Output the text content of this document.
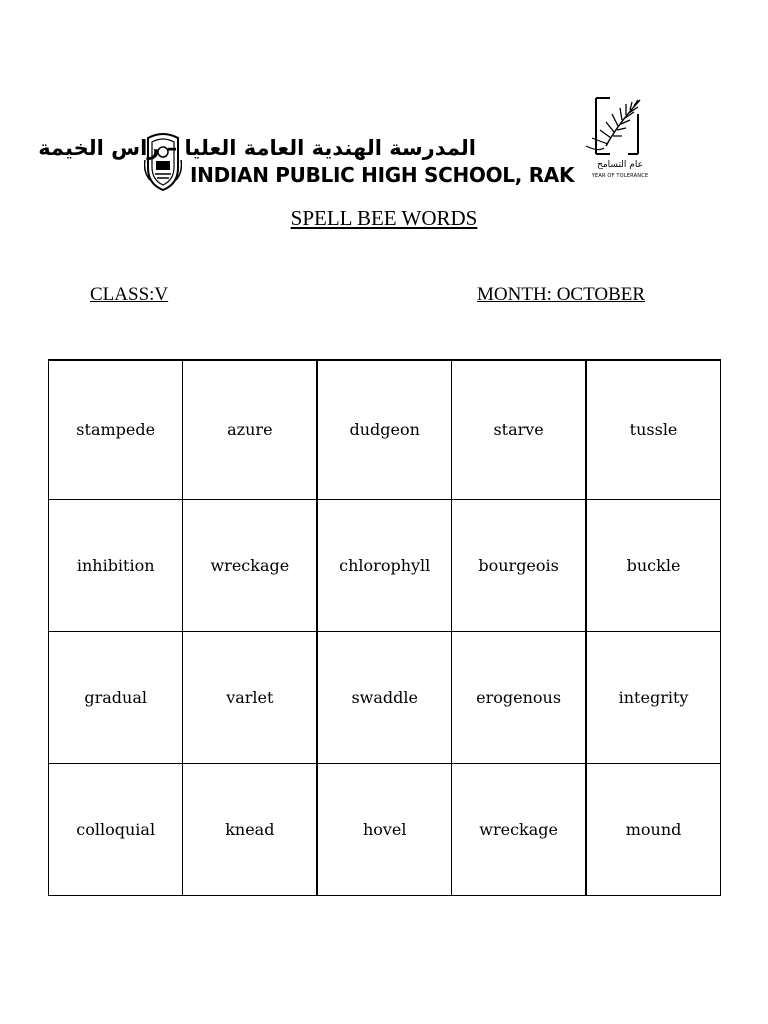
المدرسة الهندية العامة العليا – راس الخيمة
INDIAN PUBLIC HIGH SCHOOL, RAK	عام التسامح
YEAR OF TOLERANCE
SPELL BEE WORDS
CLASS:V	MONTH: OCTOBER
stampede	azure	dudgeon	starve	tussle
inhibition	wreckage	chlorophyll	bourgeois	buckle
gradual	varlet	swaddle	erogenous	integrity
colloquial	knead	hovel	wreckage	mound
